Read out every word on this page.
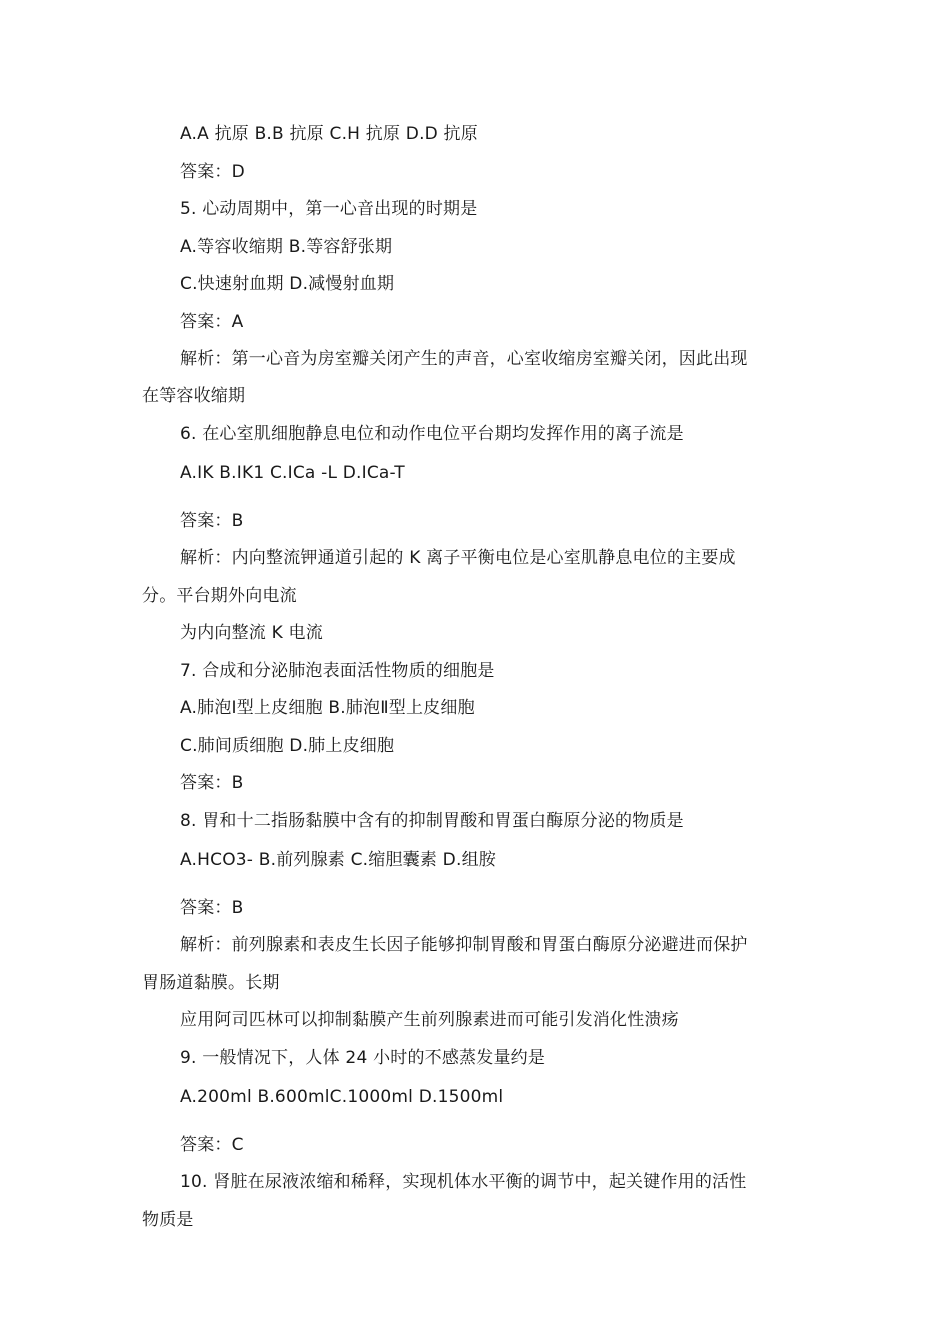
A.A 抗原 B.B 抗原 C.H 抗原 D.D 抗原
答案：D
5. 心动周期中，第一心音出现的时期是
A.等容收缩期 B.等容舒张期
C.快速射血期 D.减慢射血期
答案：A
解析：第一心音为房室瓣关闭产生的声音，心室收缩房室瓣关闭，因此出现
在等容收缩期
6. 在心室肌细胞静息电位和动作电位平台期均发挥作用的离子流是
A.IK B.IK1 C.ICa -L D.ICa-T
答案：B
解析：内向整流钾通道引起的 K 离子平衡电位是心室肌静息电位的主要成
分。平台期外向电流
为内向整流 K 电流
7. 合成和分泌肺泡表面活性物质的细胞是
A.肺泡Ⅰ型上皮细胞 B.肺泡Ⅱ型上皮细胞
C.肺间质细胞 D.肺上皮细胞
答案：B
8. 胃和十二指肠黏膜中含有的抑制胃酸和胃蛋白酶原分泌的物质是
A.HCO3- B.前列腺素 C.缩胆囊素 D.组胺
答案：B
解析：前列腺素和表皮生长因子能够抑制胃酸和胃蛋白酶原分泌避进而保护
胃肠道黏膜。长期
应用阿司匹林可以抑制黏膜产生前列腺素进而可能引发消化性溃疡
9. 一般情况下，人体 24 小时的不感蒸发量约是
A.200ml B.600mlC.1000ml D.1500ml
答案：C
10. 肾脏在尿液浓缩和稀释，实现机体水平衡的调节中，起关键作用的活性
物质是
